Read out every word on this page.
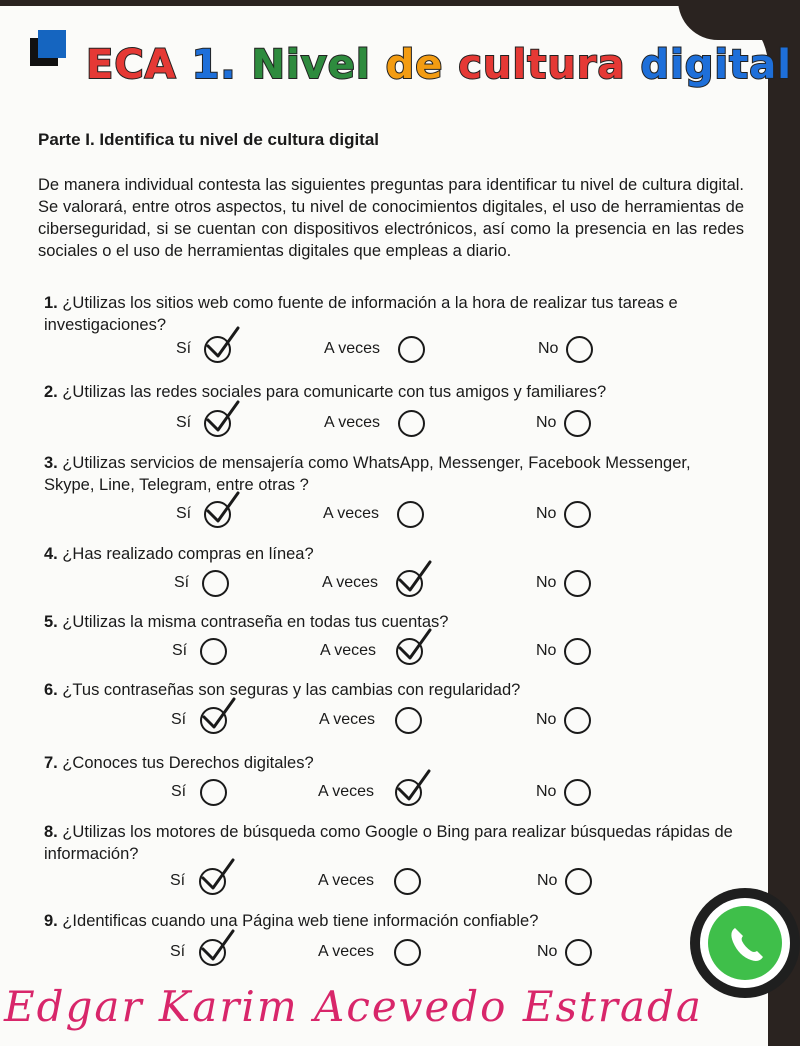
ECA 1. Nivel de cultura digital
Parte I. Identifica tu nivel de cultura digital
De manera individual contesta las siguientes preguntas para identificar tu nivel de cultura digital. Se valorará, entre otros aspectos, tu nivel de conocimientos digitales, el uso de herramientas de ciberseguridad, si se cuentan con dispositivos electrónicos, así como la presencia en las redes sociales o el uso de herramientas digitales que empleas a diario.
1. ¿Utilizas los sitios web como fuente de información a la hora de realizar tus tareas e investigaciones?
Sí	A veces	No
2. ¿Utilizas las redes sociales para comunicarte con tus amigos y familiares?
Sí	A veces	No
3. ¿Utilizas servicios de mensajería como WhatsApp, Messenger, Facebook Messenger, Skype, Line, Telegram, entre otras ?
Sí	A veces	No
4. ¿Has realizado compras en línea?
Sí	A veces	No
5. ¿Utilizas la misma contraseña en todas tus cuentas?
Sí	A veces	No
6. ¿Tus contraseñas son seguras y las cambias con regularidad?
Sí	A veces	No
7. ¿Conoces tus Derechos digitales?
Sí	A veces	No
8. ¿Utilizas los motores de búsqueda como Google o Bing para realizar búsquedas rápidas de información?
Sí	A veces	No
9. ¿Identificas cuando una Página web tiene información confiable?
Sí	A veces	No
Edgar Karim Acevedo Estrada
